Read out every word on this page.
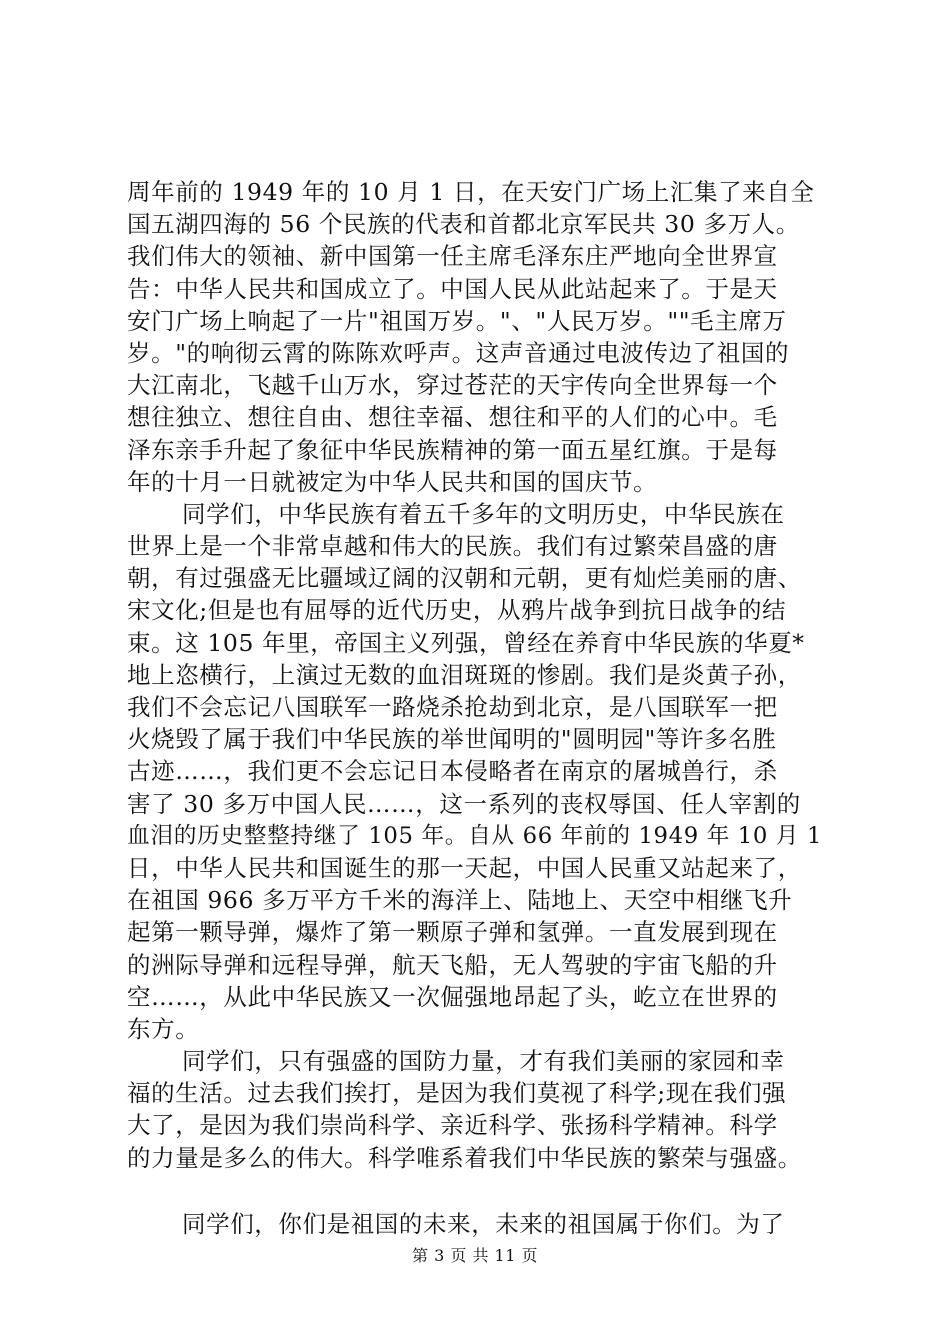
周年前的 1949 年的 10 月 1 日，在天安门广场上汇集了来自全
国五湖四海的 56 个民族的代表和首都北京军民共 30 多万人。
我们伟大的领袖、新中国第一任主席毛泽东庄严地向全世界宣
告：中华人民共和国成立了。中国人民从此站起来了。于是天
安门广场上响起了一片"祖国万岁。"、"人民万岁。""毛主席万
岁。"的响彻云霄的陈陈欢呼声。这声音通过电波传边了祖国的
大江南北，飞越千山万水，穿过苍茫的天宇传向全世界每一个
想往独立、想往自由、想往幸福、想往和平的人们的心中。毛
泽东亲手升起了象征中华民族精神的第一面五星红旗。于是每
年的十月一日就被定为中华人民共和国的国庆节。
同学们，中华民族有着五千多年的文明历史，中华民族在
世界上是一个非常卓越和伟大的民族。我们有过繁荣昌盛的唐
朝，有过强盛无比疆域辽阔的汉朝和元朝，更有灿烂美丽的唐、
宋文化;但是也有屈辱的近代历史，从鸦片战争到抗日战争的结
束。这 105 年里，帝国主义列强，曾经在养育中华民族的华夏*
地上恣横行，上演过无数的血泪斑斑的惨剧。我们是炎黄子孙，
我们不会忘记八国联军一路烧杀抢劫到北京，是八国联军一把
火烧毁了属于我们中华民族的举世闻明的"圆明园"等许多名胜
古迹……，我们更不会忘记日本侵略者在南京的屠城兽行，杀
害了 30 多万中国人民……，这一系列的丧权辱国、任人宰割的
血泪的历史整整持继了 105 年。自从 66 年前的 1949 年 10 月 1
日，中华人民共和国诞生的那一天起，中国人民重又站起来了，
在祖国 966 多万平方千米的海洋上、陆地上、天空中相继飞升
起第一颗导弹，爆炸了第一颗原子弹和氢弹。一直发展到现在
的洲际导弹和远程导弹，航天飞船，无人驾驶的宇宙飞船的升
空……，从此中华民族又一次倔强地昂起了头，屹立在世界的
东方。
同学们，只有强盛的国防力量，才有我们美丽的家园和幸
福的生活。过去我们挨打，是因为我们莫视了科学;现在我们强
大了，是因为我们崇尚科学、亲近科学、张扬科学精神。科学
的力量是多么的伟大。科学唯系着我们中华民族的繁荣与强盛。
同学们，你们是祖国的未来，未来的祖国属于你们。为了
第 3 页 共 11 页
